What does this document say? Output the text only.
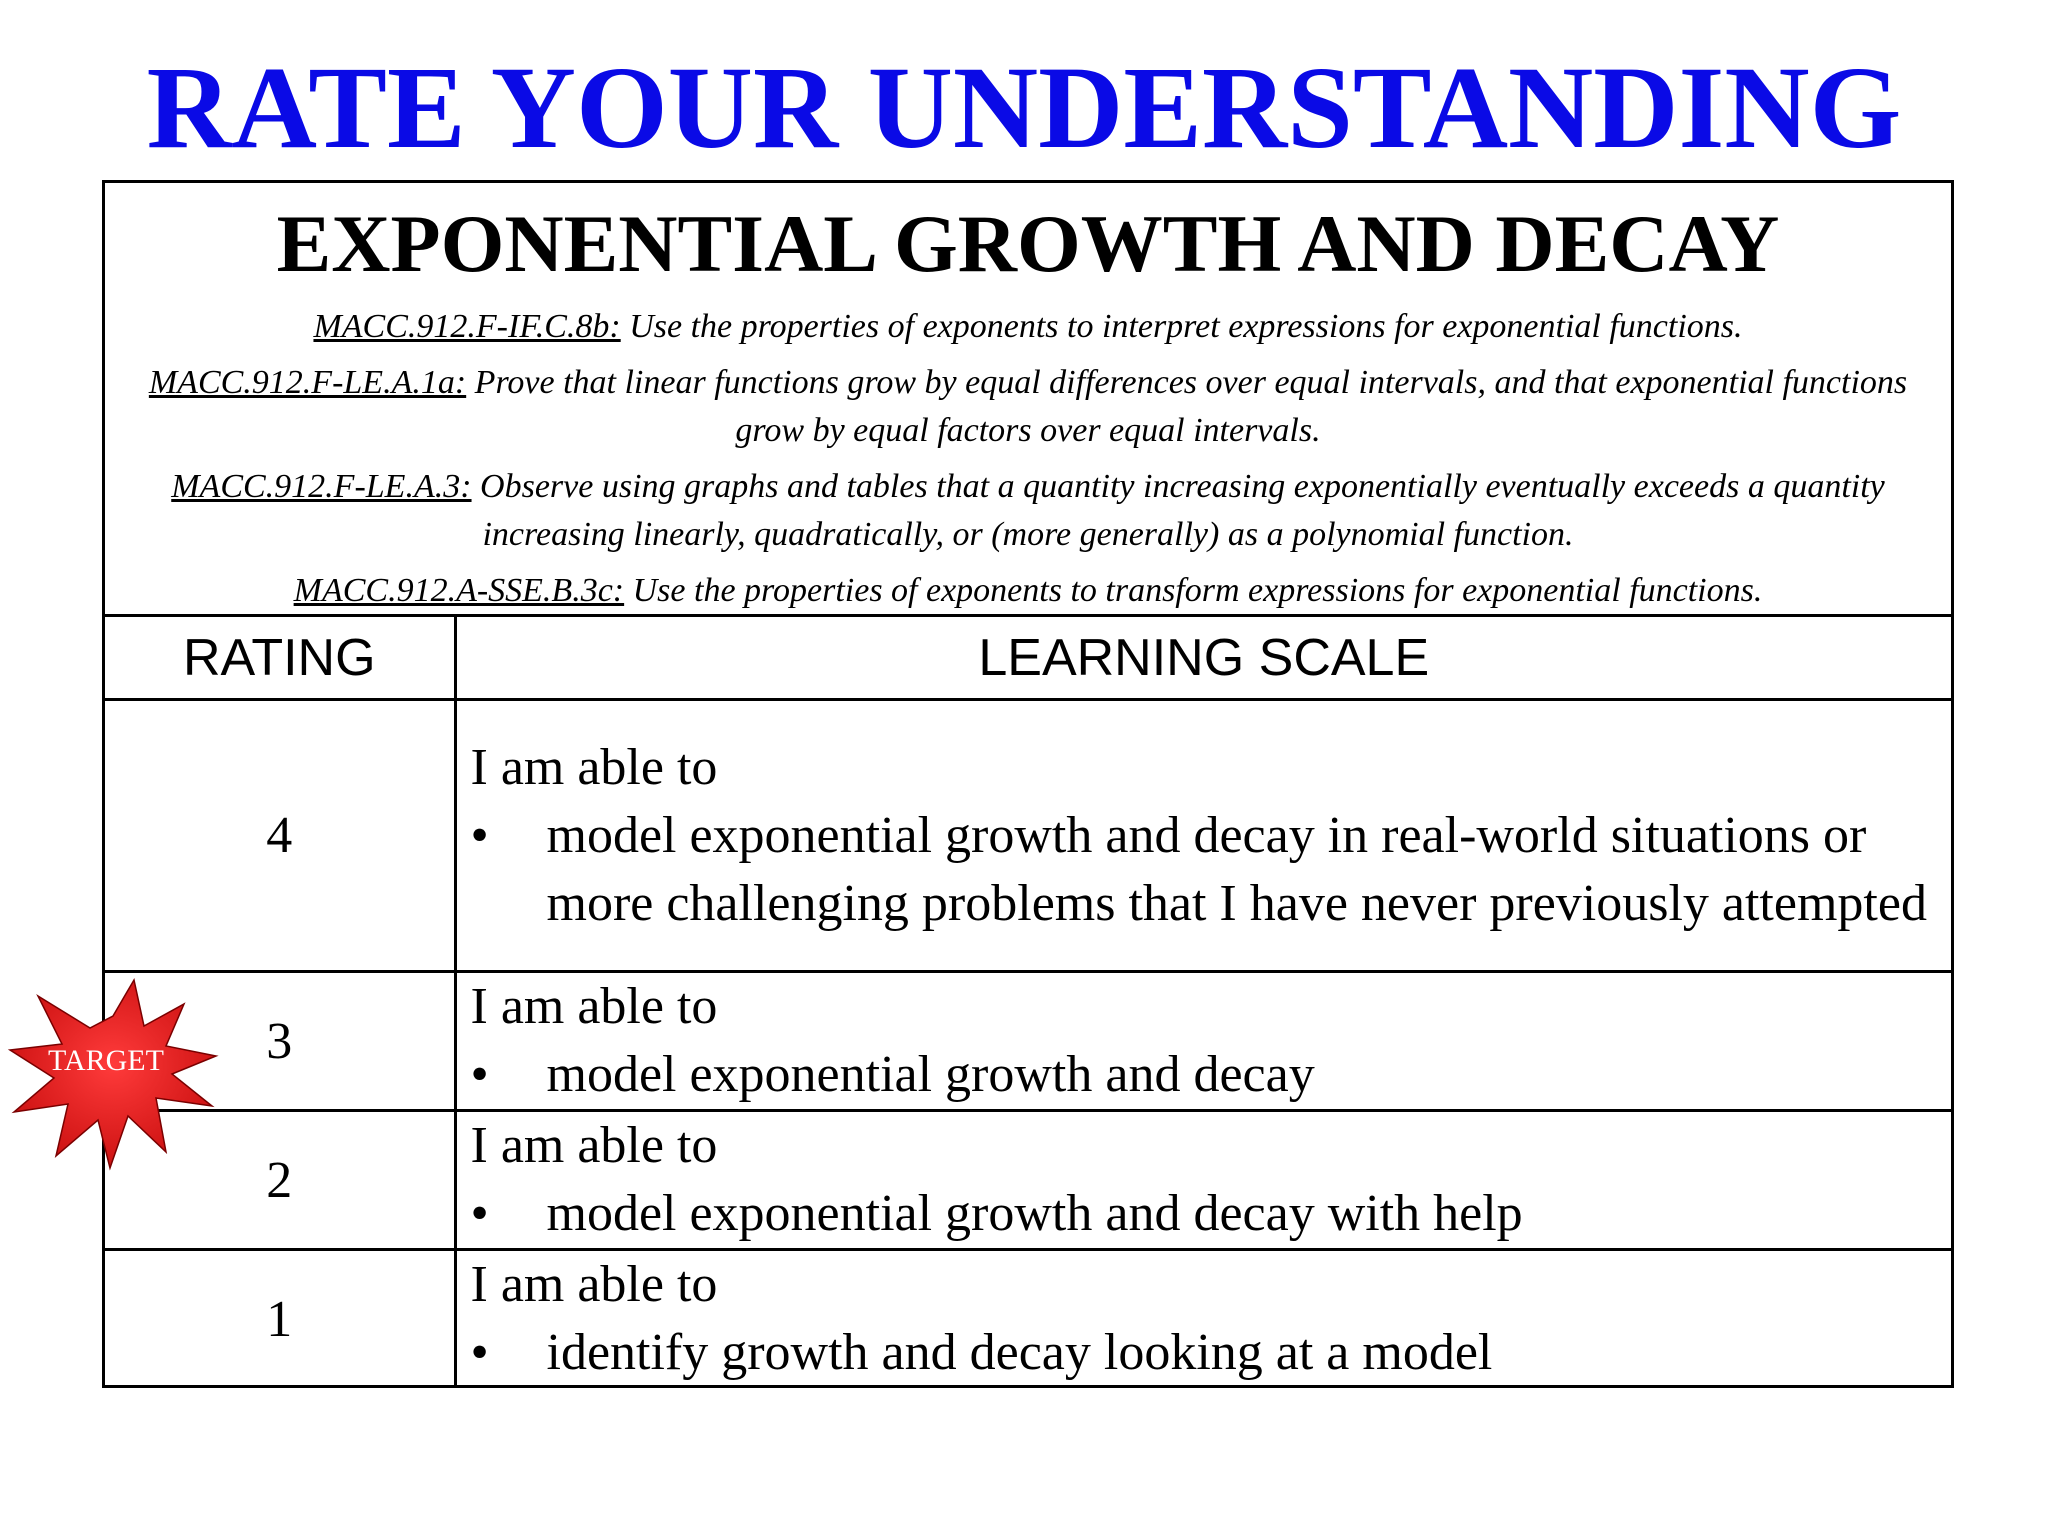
RATE YOUR UNDERSTANDING
EXPONENTIAL GROWTH AND DECAY
MACC.912.F-IF.C.8b: Use the properties of exponents to interpret expressions for exponential functions.
MACC.912.F-LE.A.1a: Prove that linear functions grow by equal differences over equal intervals, and that exponential functions grow by equal factors over equal intervals.
MACC.912.F-LE.A.3: Observe using graphs and tables that a quantity increasing exponentially eventually exceeds a quantity increasing linearly, quadratically, or (more generally) as a polynomial function.
MACC.912.A-SSE.B.3c: Use the properties of exponents to transform expressions for exponential functions.
RATING	LEARNING SCALE
4	I am able to
• model exponential growth and decay in real-world situations or more challenging problems that I have never previously attempted

3	I am able to
• model exponential growth and decay

2	I am able to
• model exponential growth and decay with help

1	I am able to
• identify growth and decay looking at a model
TARGET
